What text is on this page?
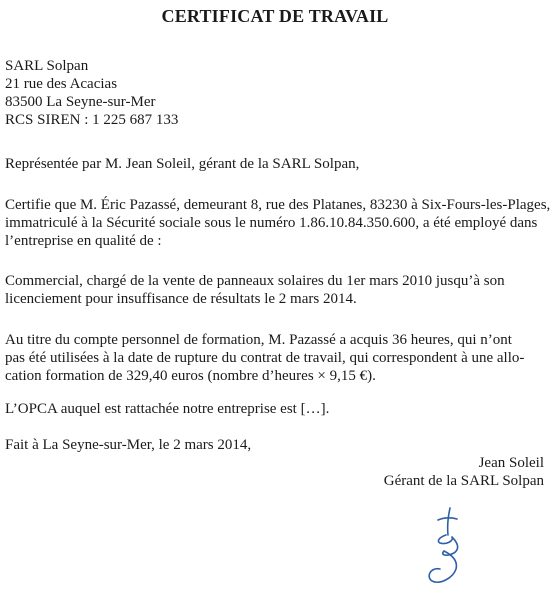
CERTIFICAT DE TRAVAIL
SARL Solpan
21 rue des Acacias
83500 La Seyne-sur-Mer
RCS SIREN : 1 225 687 133
Représentée par M. Jean Soleil, gérant de la SARL Solpan,
Certifie que M. Éric Pazassé, demeurant 8, rue des Platanes, 83230 à Six-Fours-les-Plages,
immatriculé à la Sécurité sociale sous le numéro 1.86.10.84.350.600, a été employé dans
l’entreprise en qualité de :
Commercial, chargé de la vente de panneaux solaires du 1er mars 2010 jusqu’à son
licenciement pour insuffisance de résultats le 2 mars 2014.
Au titre du compte personnel de formation, M. Pazassé a acquis 36 heures, qui n’ont
pas été utilisées à la date de rupture du contrat de travail, qui correspondent à une allo-
cation formation de 329,40 euros (nombre d’heures × 9,15 €).
L’OPCA auquel est rattachée notre entreprise est […].
Fait à La Seyne-sur-Mer, le 2 mars 2014,
Jean Soleil
Gérant de la SARL Solpan
